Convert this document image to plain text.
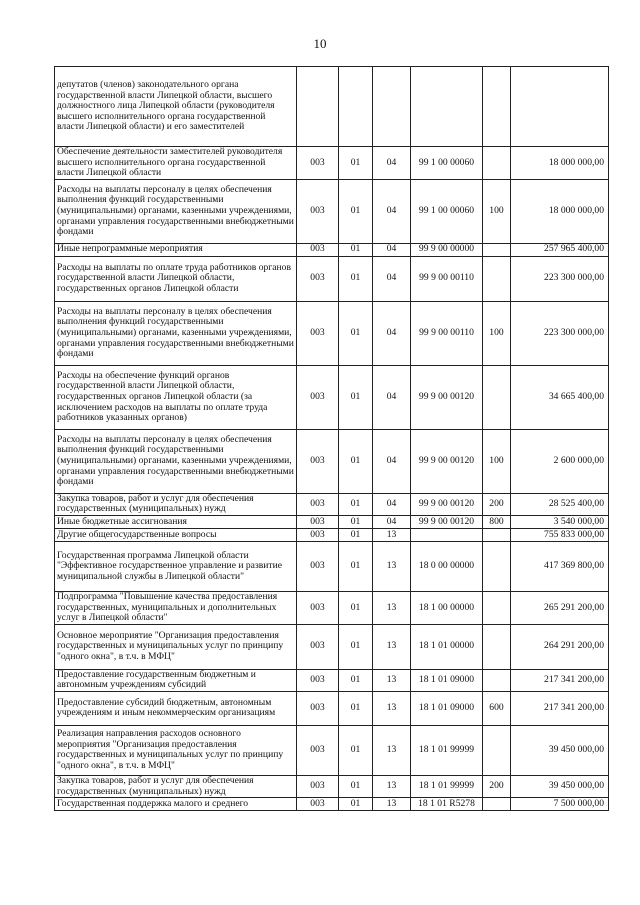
10
депутатов (членов) законодательного органа государственной власти Липецкой области, высшего должностного лица Липецкой области (руководителя высшего исполнительного органа государственной власти Липецкой области) и его заместителей						
Обеспечение деятельности заместителей руководителя высшего исполнительного органа государственной власти Липецкой области	003	01	04	99 1 00 00060		18 000 000,00
Расходы на выплаты персоналу в целях обеспечения выполнения функций государственными (муниципальными) органами, казенными учреждениями, органами управления государственными внебюджетными фондами	003	01	04	99 1 00 00060	100	18 000 000,00
Иные непрограммные мероприятия	003	01	04	99 9 00 00000		257 965 400,00
Расходы на выплаты по оплате труда работников органов государственной власти Липецкой области, государственных органов Липецкой области	003	01	04	99 9 00 00110		223 300 000,00
Расходы на выплаты персоналу в целях обеспечения выполнения функций государственными (муниципальными) органами, казенными учреждениями, органами управления государственными внебюджетными фондами	003	01	04	99 9 00 00110	100	223 300 000,00
Расходы на обеспечение функций органов государственной власти Липецкой области, государственных органов Липецкой области (за исключением расходов на выплаты по оплате труда работников указанных органов)	003	01	04	99 9 00 00120		34 665 400,00
Расходы на выплаты персоналу в целях обеспечения выполнения функций государственными (муниципальными) органами, казенными учреждениями, органами управления государственными внебюджетными фондами	003	01	04	99 9 00 00120	100	2 600 000,00
Закупка товаров, работ и услуг для обеспечения государственных (муниципальных) нужд	003	01	04	99 9 00 00120	200	28 525 400,00
Иные бюджетные ассигнования	003	01	04	99 9 00 00120	800	3 540 000,00
Другие общегосударственные вопросы	003	01	13			755 833 000,00
Государственная программа Липецкой области "Эффективное государственное управление и развитие муниципальной службы в Липецкой области"	003	01	13	18 0 00 00000		417 369 800,00
Подпрограмма "Повышение качества предоставления государственных, муниципальных и дополнительных услуг в Липецкой области"	003	01	13	18 1 00 00000		265 291 200,00
Основное мероприятие "Организация предоставления государственных и муниципальных услуг по принципу "одного окна", в т.ч. в МФЦ"	003	01	13	18 1 01 00000		264 291 200,00
Предоставление государственным бюджетным и автономным учреждениям субсидий	003	01	13	18 1 01 09000		217 341 200,00
Предоставление субсидий бюджетным, автономным учреждениям и иным некоммерческим организациям	003	01	13	18 1 01 09000	600	217 341 200,00
Реализация направления расходов основного мероприятия "Организация предоставления государственных и муниципальных услуг по принципу "одного окна", в т.ч. в МФЦ"	003	01	13	18 1 01 99999		39 450 000,00
Закупка товаров, работ и услуг для обеспечения государственных (муниципальных) нужд	003	01	13	18 1 01 99999	200	39 450 000,00
Государственная поддержка малого и среднего	003	01	13	18 1 01 R5278		7 500 000,00
